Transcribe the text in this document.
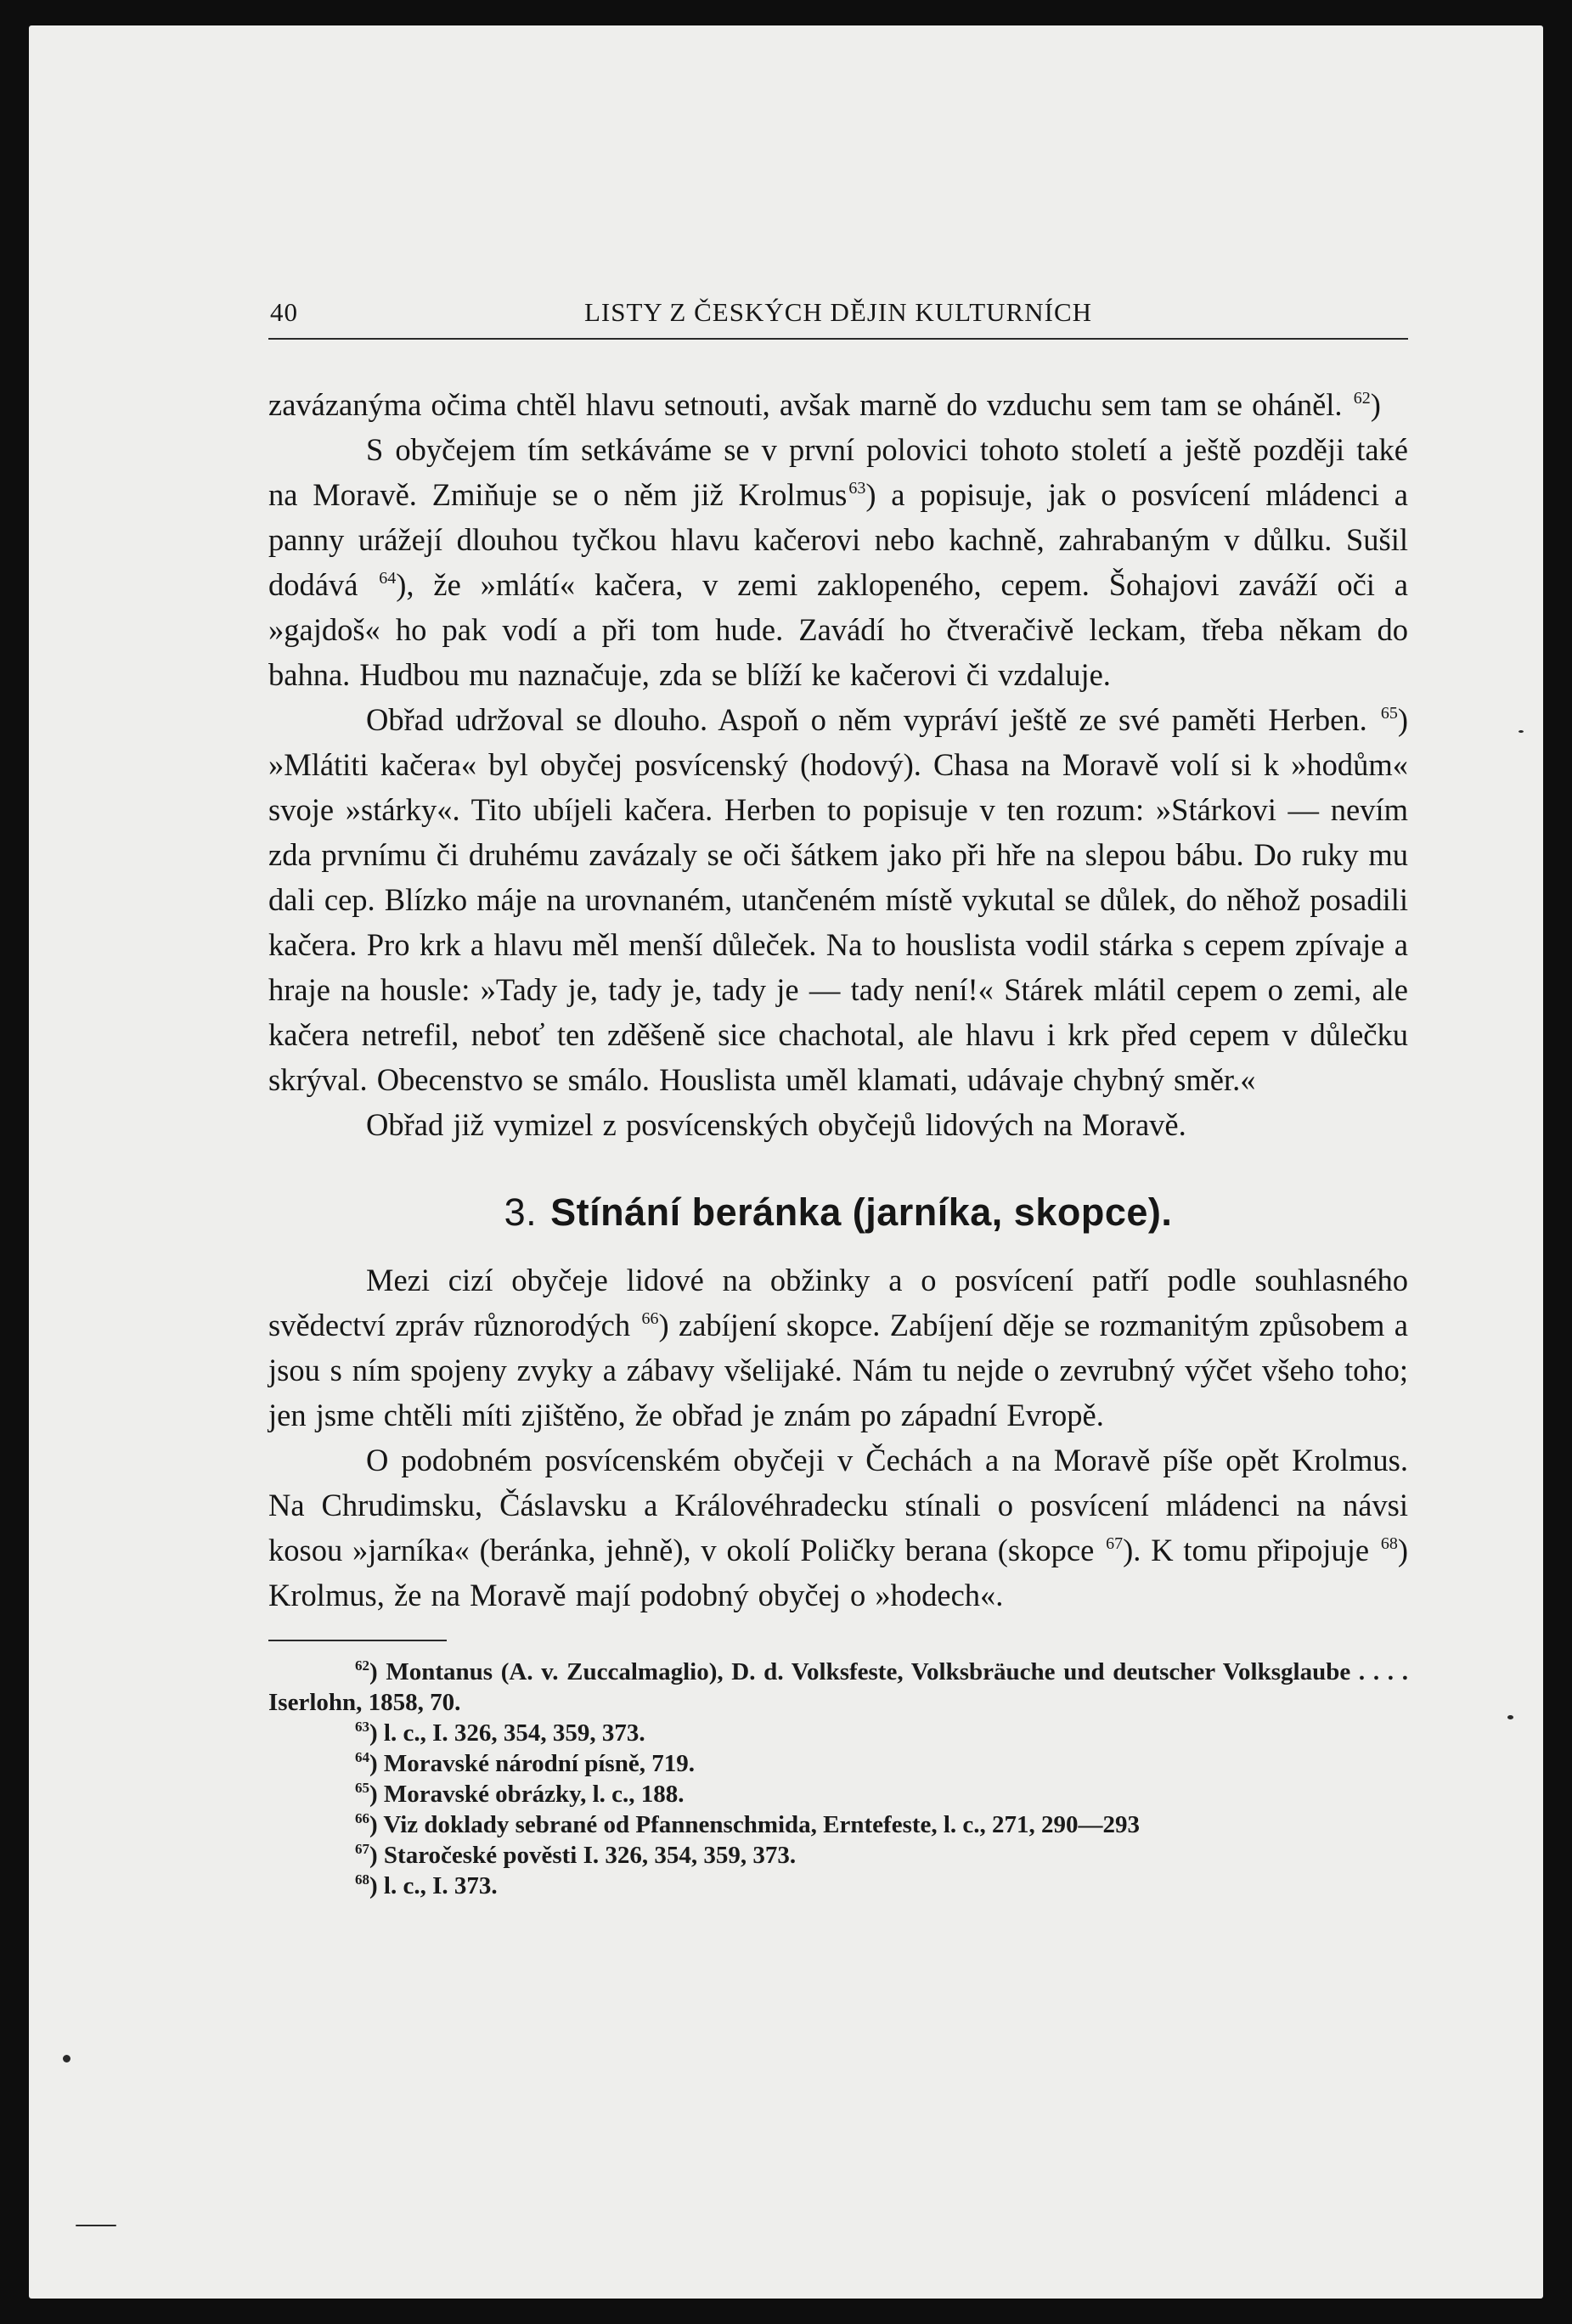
40	LISTY Z ČESKÝCH DĚJIN KULTURNÍCH

zavázanýma očima chtěl hlavu setnouti, avšak marně do vzduchu sem tam se oháněl. $^{62}$)

S obyčejem tím setkáváme se v první polovici tohoto století a ještě později také na Moravě. Zmiňuje se o něm již Krolmus $^{63}$) a popisuje, jak o posvícení mládenci a panny urážejí dlouhou tyčkou hlavu kačerovi nebo kachně, zahrabaným v důlku. Sušil dodává $^{64}$), že »mlátí« kačera, v zemi zaklopeného, cepem. Šohajovi zaváží oči a »gajdoš« ho pak vodí a při tom hude. Zavádí ho čtveračivě leckam, třeba někam do bahna. Hudbou mu naznačuje, zda se blíží ke kačerovi či vzdaluje.

Obřad udržoval se dlouho. Aspoň o něm vypráví ještě ze své paměti Herben. $^{65}$) »Mlátiti kačera« byl obyčej posvícenský (hodový). Chasa na Moravě volí si k »hodům« svoje »stárky«. Tito ubíjeli kačera. Herben to popisuje v ten rozum: »Stárkovi — nevím zda prvnímu či druhému zavázaly se oči šátkem jako při hře na slepou bábu. Do ruky mu dali cep. Blízko máje na urovnaném, utančeném místě vykutal se důlek, do něhož posadili kačera. Pro krk a hlavu měl menší důleček. Na to houslista vodil stárka s cepem zpívaje a hraje na housle: »Tady je, tady je, tady je — tady není!« Stárek mlátil cepem o zemi, ale kačera netrefil, neboť ten zděšeně sice chachotal, ale hlavu i krk před cepem v důlečku skrýval. Obecenstvo se smálo. Houslista uměl klamati, udávaje chybný směr.«

Obřad již vymizel z posvícenských obyčejů lidových na Moravě.

3. Stínání beránka (jarníka, skopce).

Mezi cizí obyčeje lidové na obžinky a o posvícení patří podle souhlasného svědectví zpráv různorodých $^{66}$) zabíjení skopce. Zabíjení děje se rozmanitým způsobem a jsou s ním spojeny zvyky a zábavy všelijaké. Nám tu nejde o zevrubný výčet všeho toho; jen jsme chtěli míti zjištěno, že obřad je znám po západní Evropě.

O podobném posvícenském obyčeji v Čechách a na Moravě píše opět Krolmus. Na Chrudimsku, Čáslavsku a Královéhradecku stínali o posvícení mládenci na návsi kosou »jarníka« (beránka, jehně), v okolí Poličky berana (skopce $^{67}$). K tomu připojuje $^{68}$) Krolmus, že na Moravě mají podobný obyčej o »hodech«.

$^{62}$) Montanus (A. v. Zuccalmaglio), D. d. Volksfeste, Volksbräuche und deutscher Volksglaube . . . . Iserlohn, 1858, 70.

$^{63}$) l. c., I. 326, 354, 359, 373.

$^{64}$) Moravské národní písně, 719.

$^{65}$) Moravské obrázky, l. c., 188.

$^{66}$) Viz doklady sebrané od Pfannenschmida, Erntefeste, l. c., 271, 290—293

$^{67}$) Staročeské pověsti I. 326, 354, 359, 373.

$^{68}$) l. c., I. 373.
